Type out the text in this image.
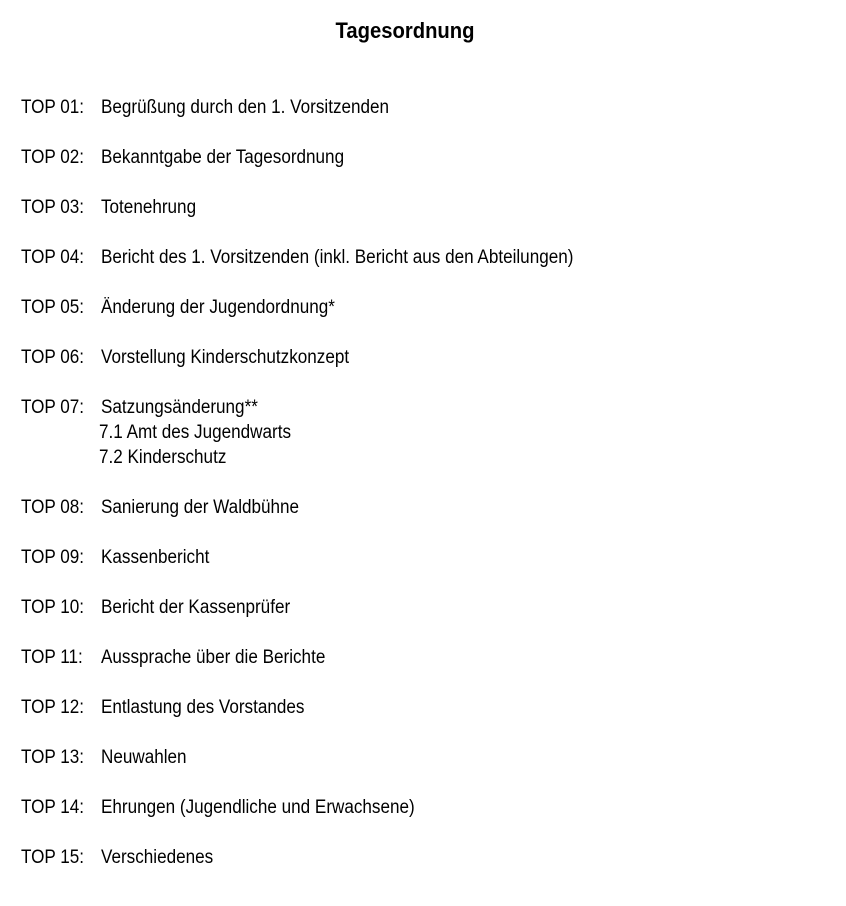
Tagesordnung
TOP 01: Begrüßung durch den 1. Vorsitzenden
TOP 02: Bekanntgabe der Tagesordnung
TOP 03: Totenehrung
TOP 04: Bericht des 1. Vorsitzenden (inkl. Bericht aus den Abteilungen)
TOP 05: Änderung der Jugendordnung*
TOP 06: Vorstellung Kinderschutzkonzept
TOP 07: Satzungsänderung**
7.1 Amt des Jugendwarts
7.2 Kinderschutz
TOP 08: Sanierung der Waldbühne
TOP 09: Kassenbericht
TOP 10: Bericht der Kassenprüfer
TOP 11: Aussprache über die Berichte
TOP 12: Entlastung des Vorstandes
TOP 13: Neuwahlen
TOP 14: Ehrungen (Jugendliche und Erwachsene)
TOP 15: Verschiedenes
